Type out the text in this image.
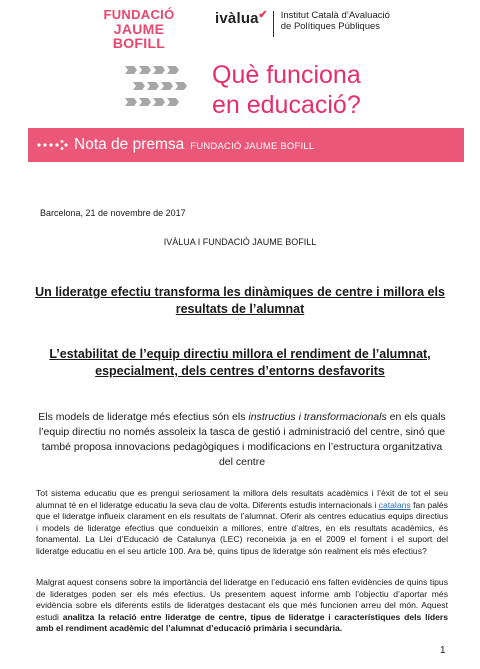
FUNDACIÓ
JAUME
BOFILL
ivàlua ✔ Institut Català d’Avaluació
de Polítiques Públiques
Què funciona
en educació?
Nota de premsa FUNDACIÓ JAUME BOFILL
Barcelona, 21 de novembre de 2017
IVÀLUA I FUNDACIÓ JAUME BOFILL
Un lideratge efectiu transforma les dinàmiques de centre i millora els resultats de l’alumnat
L’estabilitat de l’equip directiu millora el rendiment de l’alumnat, especialment, dels centres d’entorns desfavorits
Els models de lideratge més efectius són els instructius i transformacionals en els quals l’equip directiu no només assoleix la tasca de gestió i administració del centre, sinó que també proposa innovacions pedagògiques i modificacions en l’estructura organitzativa del centre
Tot sistema educatiu que es prengui seriosament la millora dels resultats acadèmics i l’èxit de tot el seu alumnat té en el lideratge educatiu la seva clau de volta. Diferents estudis internacionals i catalans fan palès que el lideratge influeix clarament en els resultats de l’alumnat. Oferir als centres educatius equips directius i models de lideratge efectius que condueixin a millores, entre d’altres, en els resultats acadèmics, és fonamental. La Llei d’Educació de Catalunya (LEC) reconeixia ja en el 2009 el foment i el suport del lideratge educatiu en el seu article 100. Ara bé, quins tipus de lideratge són realment els més efectius?
Malgrat aquest consens sobre la importància del lideratge en l’educació ens falten evidències de quins tipus de lideratges poden ser els més efectius. Us presentem aquest informe amb l’objectiu d’aportar més evidència sobre els diferents estils de lideratges destacant els que més funcionen arreu del món. Aquest estudi analitza la relació entre lideratge de centre, tipus de lideratge i característiques dels líders amb el rendiment acadèmic del l’alumnat d’educació primària i secundària.
1
